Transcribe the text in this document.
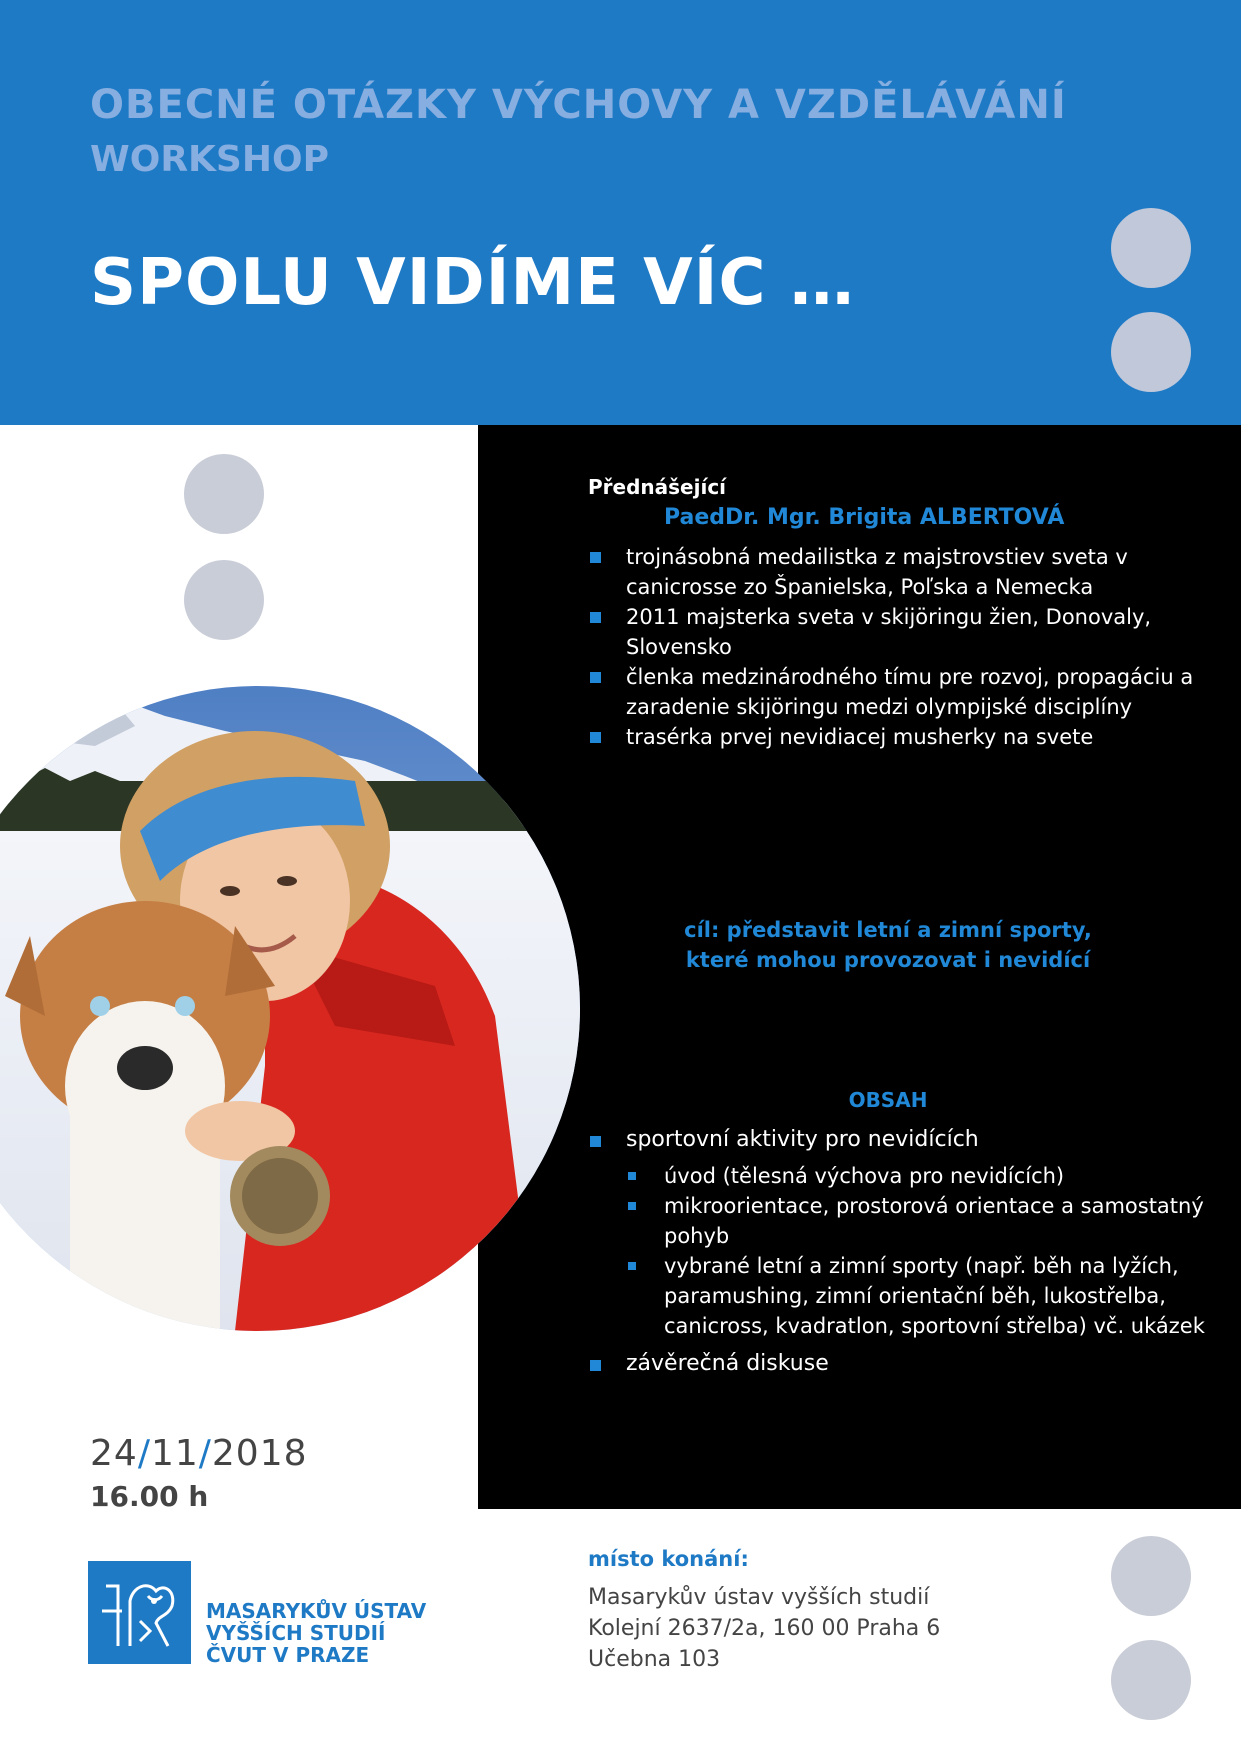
OBECNÉ OTÁZKY VÝCHOVY A VZDĚLÁVÁNÍ
WORKSHOP
SPOLU VIDÍME VÍC …
Přednášející
PaedDr. Mgr. Brigita ALBERTOVÁ
trojnásobná medailistka z majstrovstiev sveta v canicrosse zo Španielska, Poľska a Nemecka
2011 majsterka sveta v skijöringu žien, Donovaly, Slovensko
členka medzinárodného tímu pre rozvoj, propagáciu a zaradenie skijöringu medzi olympijské disciplíny
trasérka prvej nevidiacej musherky na svete
cíl: představit letní a zimní sporty,
které mohou provozovat i nevidící
OBSAH
sportovní aktivity pro nevidících
úvod (tělesná výchova pro nevidících)
mikroorientace, prostorová orientace a samostatný pohyb
vybrané letní a zimní sporty (např. běh na lyžích, paramushing, zimní orientační běh, lukostřelba, canicross, kvadratlon, sportovní střelba) vč. ukázek
závěrečná diskuse
24/11/2018
16.00 h
MASARYKŮV ÚSTAV
VYŠŠÍCH STUDIÍ
ČVUT V PRAZE
místo konání:
Masarykův ústav vyšších studií
Kolejní 2637/2a, 160 00 Praha 6
Učebna 103
